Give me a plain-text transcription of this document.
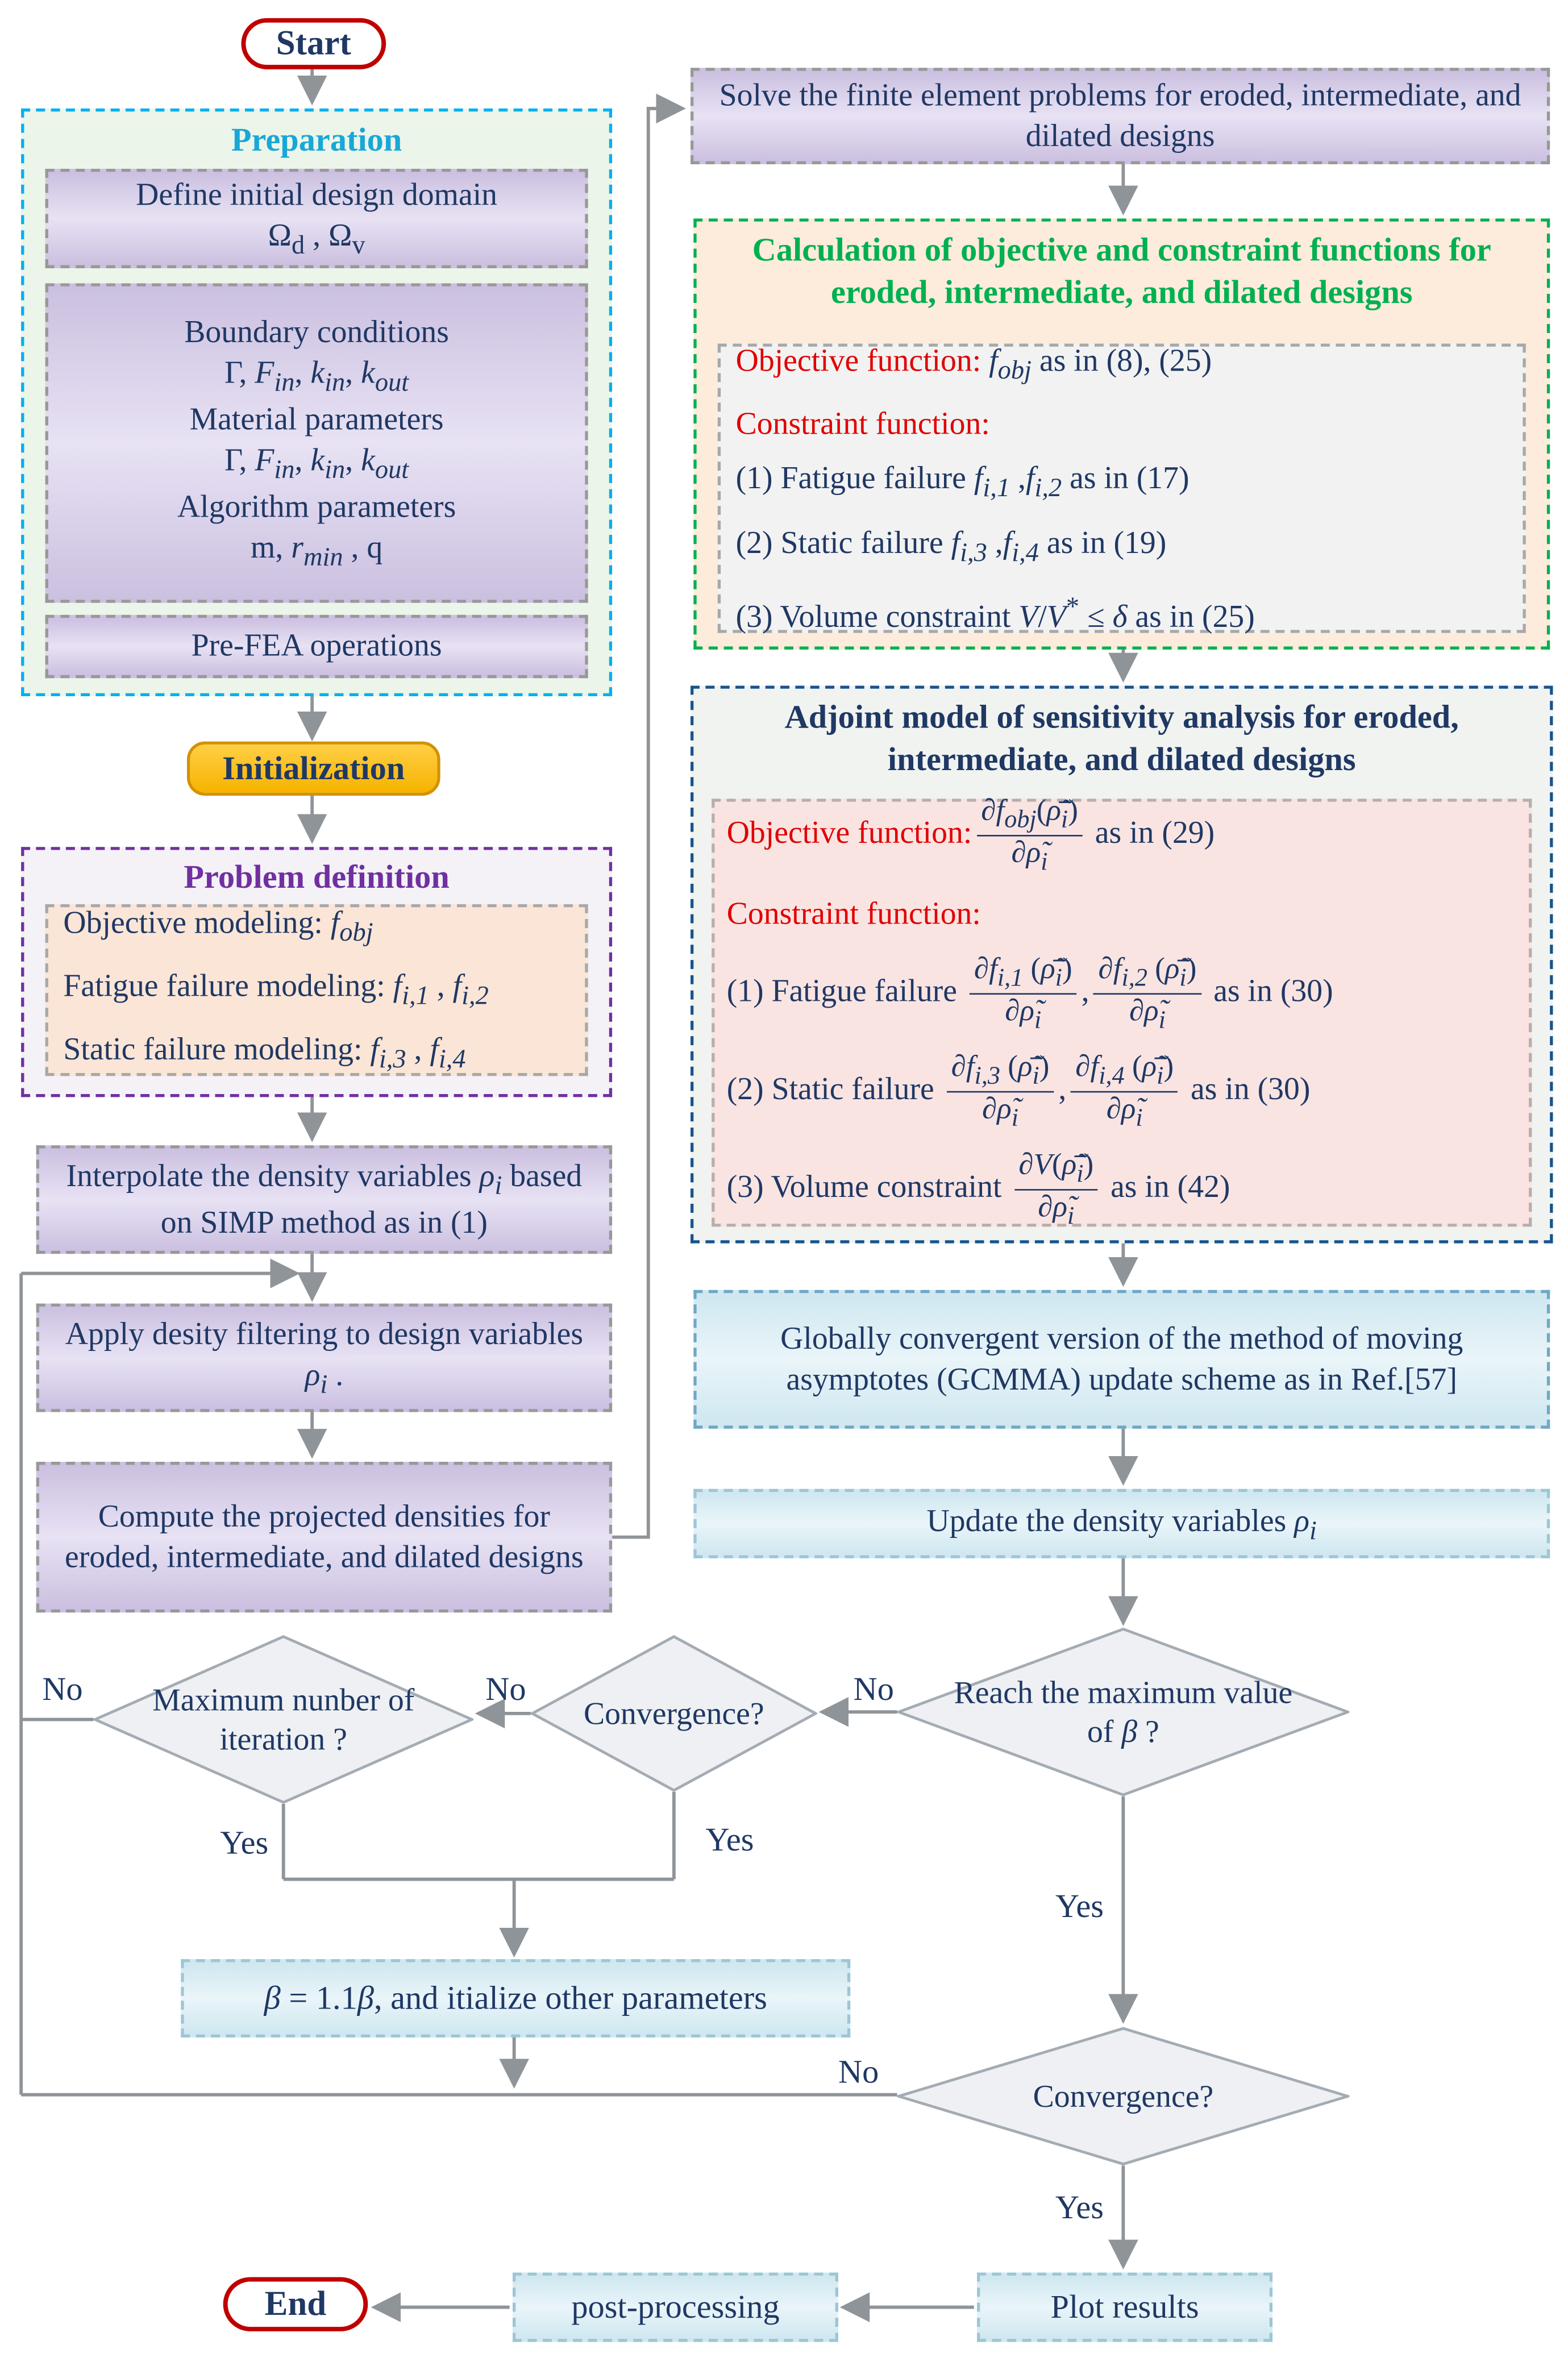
Start
Preparation
Define initial design domain
$\Omega_d$ , $\Omega_v$
Boundary conditions
Γ, $F_{in}$, $k_{in}$, $k_{out}$
Material parameters
Γ, $F_{in}$, $k_{in}$, $k_{out}$
Algorithm parameters
m, $r_{min}$ , q
Pre-FEA operations
Initialization
Problem definition
Objective modeling: $f_{obj}$
Fatigue failure modeling: $f_{i,1}$ , $f_{i,2}$
Static failure modeling: $f_{i,3}$ , $f_{i,4}$
Interpolate the density variables $\rho_i$ based on SIMP method as in (1)
Apply desity filtering to design variables $\rho_i$ .
Compute the projected densities for eroded, intermediate, and dilated designs
Solve the finite element problems for eroded, intermediate, and dilated designs
Calculation of objective and constraint functions for eroded, intermediate, and dilated designs
Objective function: $f_{obj}$ as in (8), (25)
Constraint function:
(1) Fatigue failure $f_{i,1}$ $,f_{i,2}$ as in (17)
(2) Static failure $f_{i,3}$ $,f_{i,4}$ as in (19)
(3) Volume constraint V/V* ≤ δ as in (25)
Adjoint model of sensitivity analysis for eroded, intermediate, and dilated designs
Objective function: $\frac{\partial f_{obj}(\rhȭ_i)}{\partial\rhõ_i}$ as in (29)
Constraint function:
(1) Fatigue failure $\frac{\partial f_{i,1} (\rhȭ_i)}{\partial\rhõ_i}$ , $\frac{\partial f_{i,2} (\rhȭ_i)}{\partial\rhõ_i}$ as in (30)
(2) Static failure $\frac{\partial f_{i,3} (\rhȭ_i)}{\partial\rhõ_i}$ , $\frac{\partial f_{i,4} (\rhȭ_i)}{\partial\rhõ_i}$ as in (30)
(3) Volume constraint $\frac{\partial V(\rhȭ_i)}{\partial\rhõ_i}$ as in (42)
Globally convergent version of the method of moving asymptotes (GCMMA) update scheme as in Ref.[57]
Update the density variables $\rho_i$
Reach the maximum value of β ?
Convergence?
Maximum nunber of iteration ?
Convergence?
No	No	No
Yes	Yes
Yes
No
Yes
β = 1.1β, and itialize other parameters
Plot results
post-processing
End
